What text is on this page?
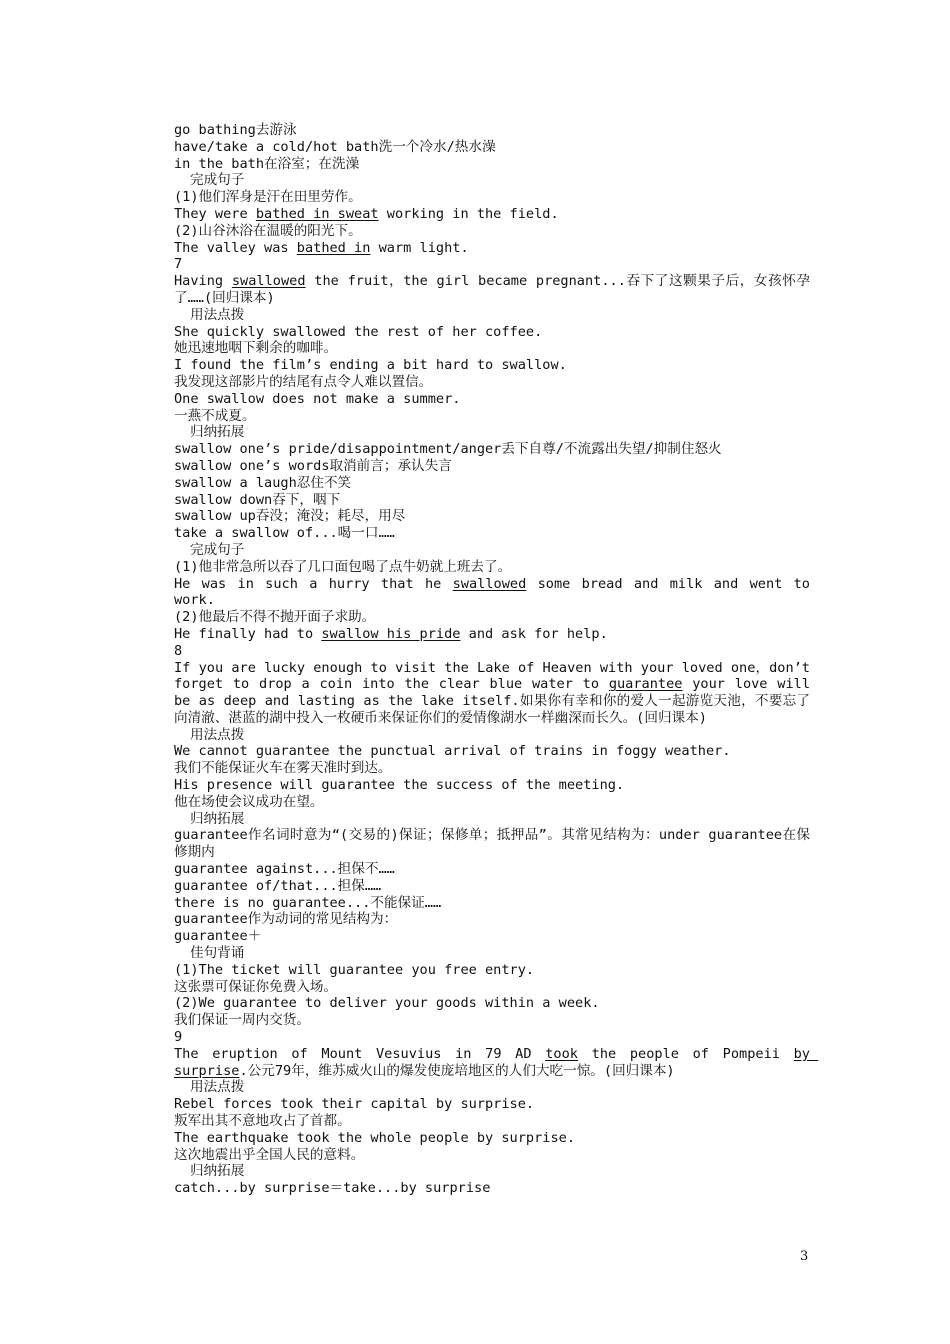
go bathing去游泳
have/take a cold/hot bath洗一个冷水/热水澡
in the bath在浴室；在洗澡
完成句子
(1)他们浑身是汗在田里劳作。
They were bathed in sweat working in the field.
(2)山谷沐浴在温暖的阳光下。
The valley was bathed in warm light.
7
Having swallowed the fruit，the girl became pregnant...吞下了这颗果子后，女孩怀孕了……(回归课本)
用法点拨
She quickly swallowed the rest of her coffee.
她迅速地咽下剩余的咖啡。
I found the film’s ending a bit hard to swallow.
我发现这部影片的结尾有点令人难以置信。
One swallow does not make a summer.
一燕不成夏。
归纳拓展
swallow one’s pride/disappointment/anger丢下自尊/不流露出失望/抑制住怒火
swallow one’s words取消前言；承认失言
swallow a laugh忍住不笑
swallow down吞下，咽下
swallow up吞没；淹没；耗尽，用尽
take a swallow of...喝一口……
完成句子
(1)他非常急所以吞了几口面包喝了点牛奶就上班去了。
He was in such a hurry that he swallowed some bread and milk and went to work.
(2)他最后不得不抛开面子求助。
He finally had to swallow his pride and ask for help.
8
If you are lucky enough to visit the Lake of Heaven with your loved one，don’t forget to drop a coin into the clear blue water to guarantee your love will be as deep and lasting as the lake itself.如果你有幸和你的爱人一起游览天池，不要忘了向清澈、湛蓝的湖中投入一枚硬币来保证你们的爱情像湖水一样幽深而长久。(回归课本)
用法点拨
We cannot guarantee the punctual arrival of trains in foggy weather.
我们不能保证火车在雾天准时到达。
His presence will guarantee the success of the meeting.
他在场使会议成功在望。
归纳拓展
guarantee作名词时意为“(交易的)保证；保修单；抵押品”。其常见结构为：under guarantee在保修期内
guarantee against...担保不……
guarantee of/that...担保……
there is no guarantee...不能保证……
guarantee作为动词的常见结构为：
guarantee＋
佳句背诵
(1)The ticket will guarantee you free entry.
这张票可保证你免费入场。
(2)We guarantee to deliver your goods within a week.
我们保证一周内交货。
9
The eruption of Mount Vesuvius in 79 AD took the people of Pompeii by surprise.公元79年，维苏威火山的爆发使庞培地区的人们大吃一惊。(回归课本)
用法点拨
Rebel forces took their capital by surprise.
叛军出其不意地攻占了首都。
The earthquake took the whole people by surprise.
这次地震出乎全国人民的意料。
归纳拓展
catch...by surprise＝take...by surprise
3
